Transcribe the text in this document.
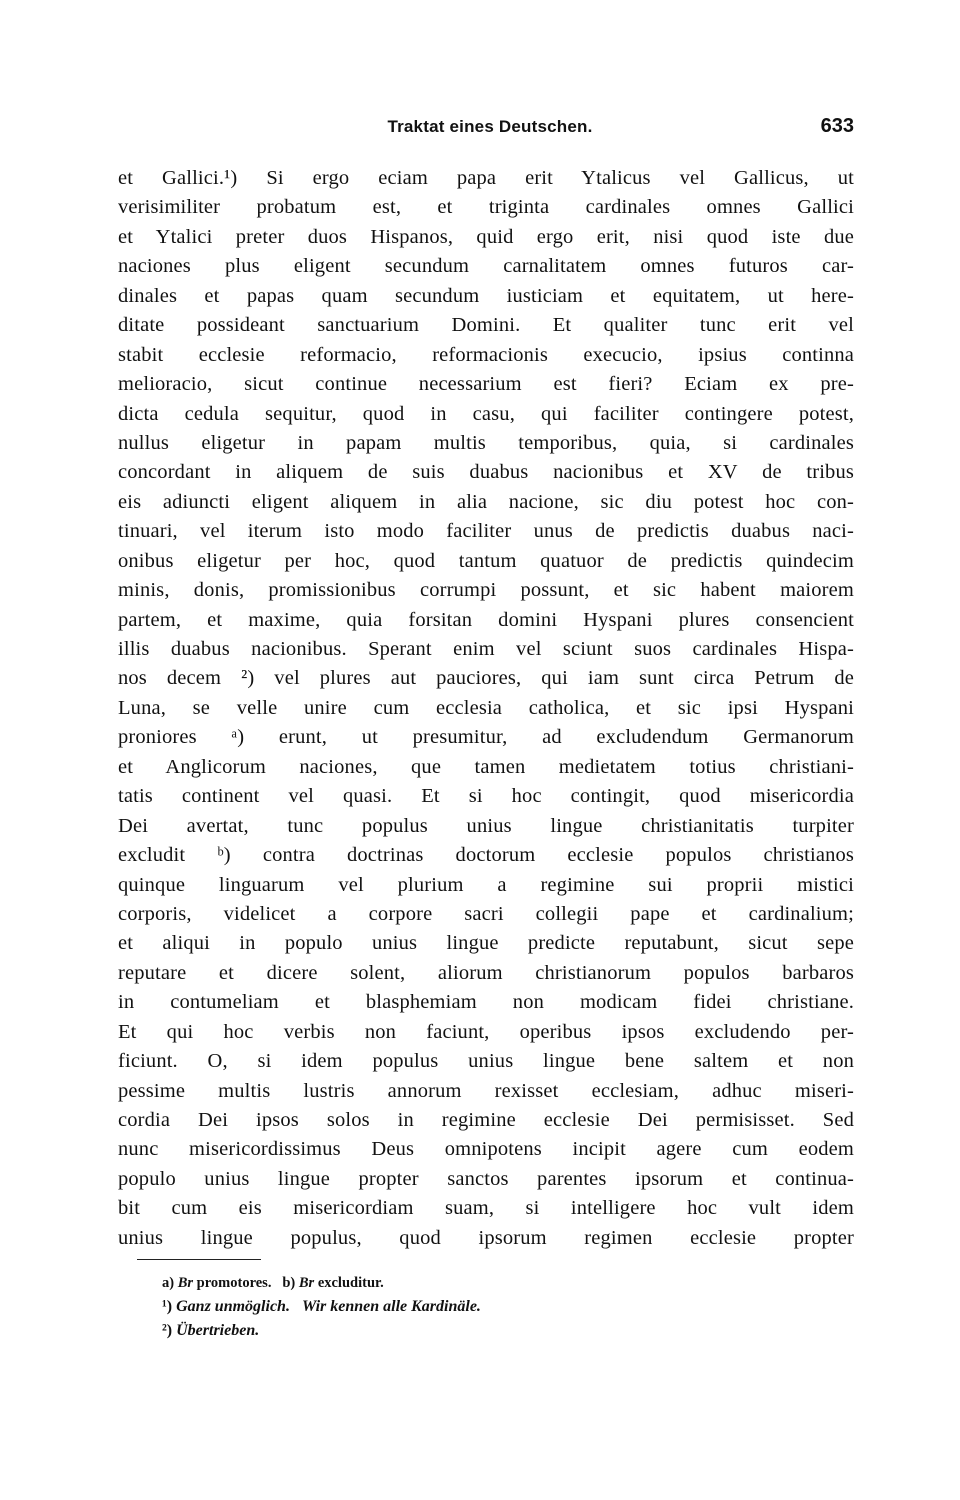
Traktat eines Deutschen.	633
et Gallici.¹) Si ergo eciam papa erit Ytalicus vel Gallicus, ut
verisimiliter probatum est, et triginta cardinales omnes Gallici
et Ytalici preter duos Hispanos, quid ergo erit, nisi quod iste due
naciones plus eligent secundum carnalitatem omnes futuros car-
dinales et papas quam secundum iusticiam et equitatem, ut here-
ditate possideant sanctuarium Domini. Et qualiter tunc erit vel
stabit ecclesie reformacio, reformacionis execucio, ipsius continna
melioracio, sicut continue necessarium est fieri? Eciam ex pre-
dicta cedula sequitur, quod in casu, qui faciliter contingere potest,
nullus eligetur in papam multis temporibus, quia, si cardinales
concordant in aliquem de suis duabus nacionibus et XV de tribus
eis adiuncti eligent aliquem in alia nacione, sic diu potest hoc con-
tinuari, vel iterum isto modo faciliter unus de predictis duabus naci-
onibus eligetur per hoc, quod tantum quatuor de predictis quindecim
minis, donis, promissionibus corrumpi possunt, et sic habent maiorem
partem, et maxime, quia forsitan domini Hyspani plures consencient
illis duabus nacionibus. Sperant enim vel sciunt suos cardinales Hispa-
nos decem ²) vel plures aut pauciores, qui iam sunt circa Petrum de
Luna, se velle unire cum ecclesia catholica, et sic ipsi Hyspani
proniores ᵃ) erunt, ut presumitur, ad excludendum Germanorum
et Anglicorum naciones, que tamen medietatem totius christiani-
tatis continent vel quasi. Et si hoc contingit, quod misericordia
Dei avertat, tunc populus unius lingue christianitatis turpiter
excludit ᵇ) contra doctrinas doctorum ecclesie populos christianos
quinque linguarum vel plurium a regimine sui proprii mistici
corporis, videlicet a corpore sacri collegii pape et cardinalium;
et aliqui in populo unius lingue predicte reputabunt, sicut sepe
reputare et dicere solent, aliorum christianorum populos barbaros
in contumeliam et blasphemiam non modicam fidei christiane.
Et qui hoc verbis non faciunt, operibus ipsos excludendo per-
ficiunt. O, si idem populus unius lingue bene saltem et non
pessime multis lustris annorum rexisset ecclesiam, adhuc miseri-
cordia Dei ipsos solos in regimine ecclesie Dei permisisset. Sed
nunc misericordissimus Deus omnipotens incipit agere cum eodem
populo unius lingue propter sanctos parentes ipsorum et continua-
bit cum eis misericordiam suam, si intelligere hoc vult idem
unius lingue populus, quod ipsorum regimen ecclesie propter
a) Br promotores. b) Br excluditur.
¹) Ganz unmöglich. Wir kennen alle Kardinäle.
²) Übertrieben.
